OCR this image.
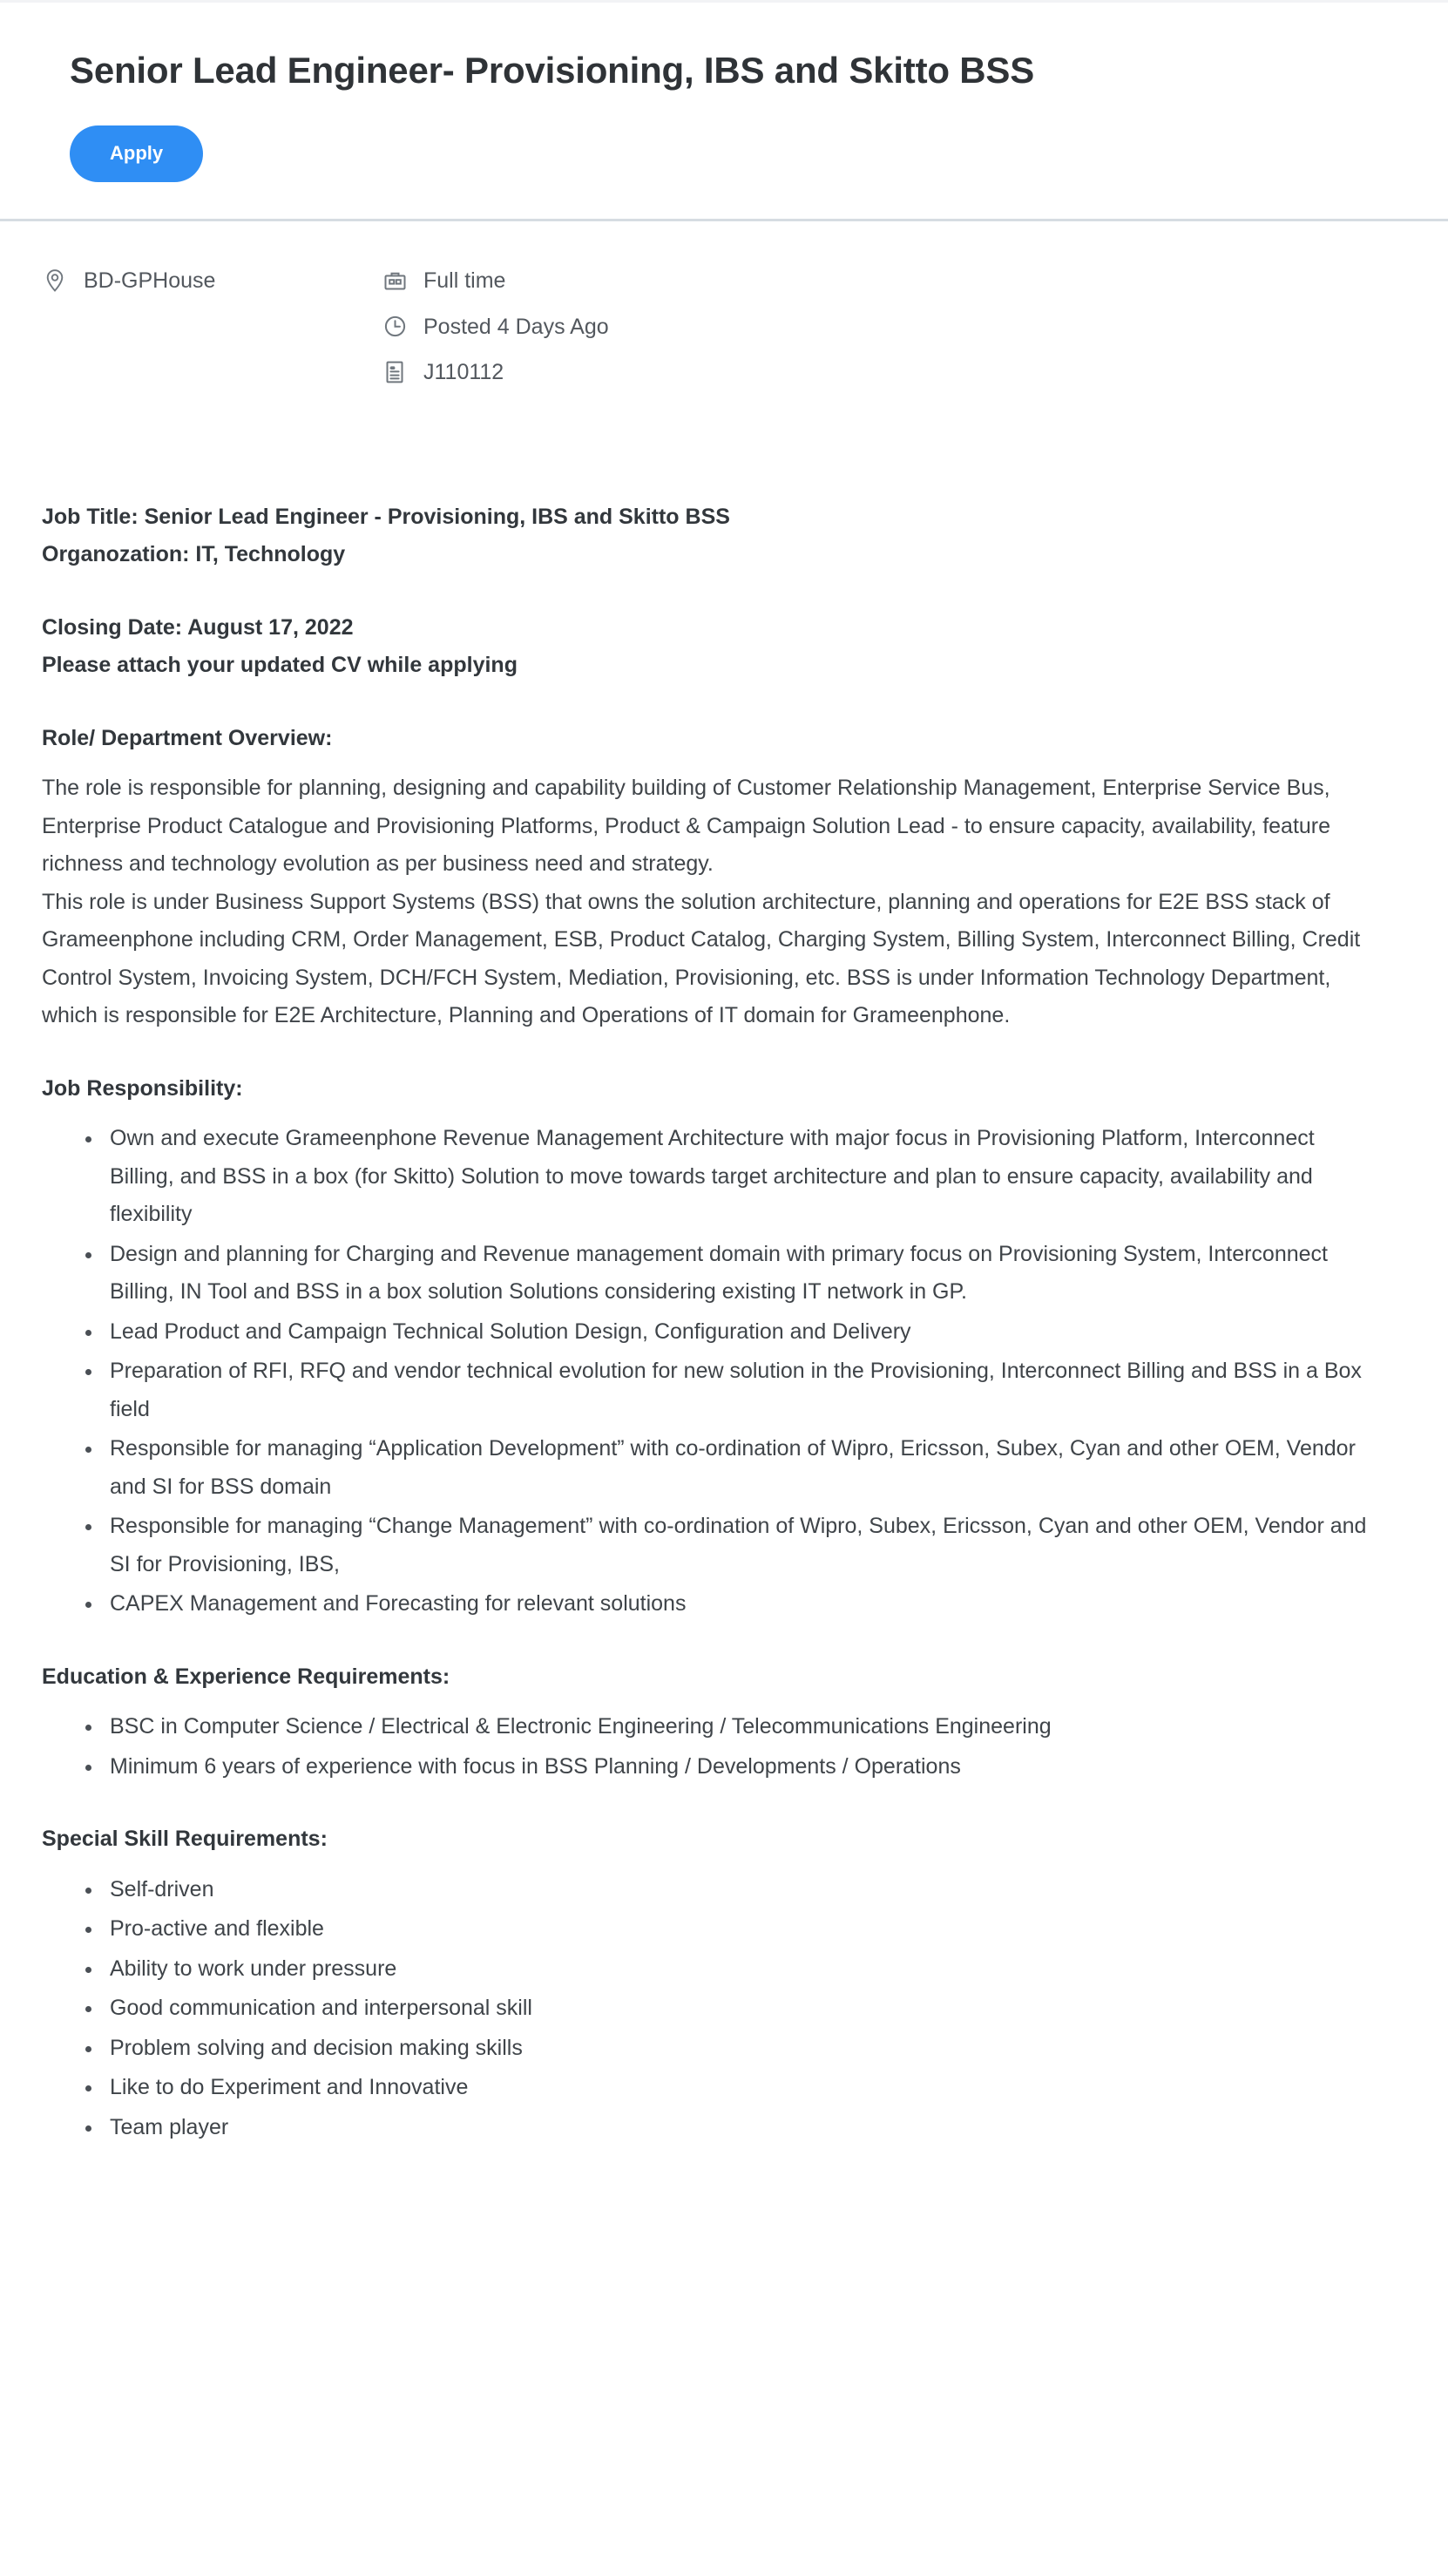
Senior Lead Engineer- Provisioning, IBS and Skitto BSS
Apply
BD-GPHouse	Full time
Posted 4 Days Ago
J110112
Job Title: Senior Lead Engineer - Provisioning, IBS and Skitto BSS
Organozation: IT, Technology
Closing Date: August 17, 2022
Please attach your updated CV while applying
Role/ Department Overview:
The role is responsible for planning, designing and capability building of Customer Relationship Management, Enterprise Service Bus, Enterprise Product Catalogue and Provisioning Platforms, Product & Campaign Solution Lead - to ensure capacity, availability, feature richness and technology evolution as per business need and strategy.
This role is under Business Support Systems (BSS) that owns the solution architecture, planning and operations for E2E BSS stack of Grameenphone including CRM, Order Management, ESB, Product Catalog, Charging System, Billing System, Interconnect Billing, Credit Control System, Invoicing System, DCH/FCH System, Mediation, Provisioning, etc. BSS is under Information Technology Department, which is responsible for E2E Architecture, Planning and Operations of IT domain for Grameenphone.
Job Responsibility:
Own and execute Grameenphone Revenue Management Architecture with major focus in Provisioning Platform, Interconnect Billing, and BSS in a box (for Skitto) Solution to move towards target architecture and plan to ensure capacity, availability and flexibility
Design and planning for Charging and Revenue management domain with primary focus on Provisioning System, Interconnect Billing, IN Tool and BSS in a box solution Solutions considering existing IT network in GP.
Lead Product and Campaign Technical Solution Design, Configuration and Delivery
Preparation of RFI, RFQ and vendor technical evolution for new solution in the Provisioning, Interconnect Billing and BSS in a Box field
Responsible for managing “Application Development” with co-ordination of Wipro, Ericsson, Subex, Cyan and other OEM, Vendor and SI for BSS domain
Responsible for managing “Change Management” with co-ordination of Wipro, Subex, Ericsson, Cyan and other OEM, Vendor and SI for Provisioning, IBS,
CAPEX Management and Forecasting for relevant solutions
Education & Experience Requirements:
BSC in Computer Science / Electrical & Electronic Engineering / Telecommunications Engineering
Minimum 6 years of experience with focus in BSS Planning / Developments / Operations
Special Skill Requirements:
Self-driven
Pro-active and flexible
Ability to work under pressure
Good communication and interpersonal skill
Problem solving and decision making skills
Like to do Experiment and Innovative
Team player
